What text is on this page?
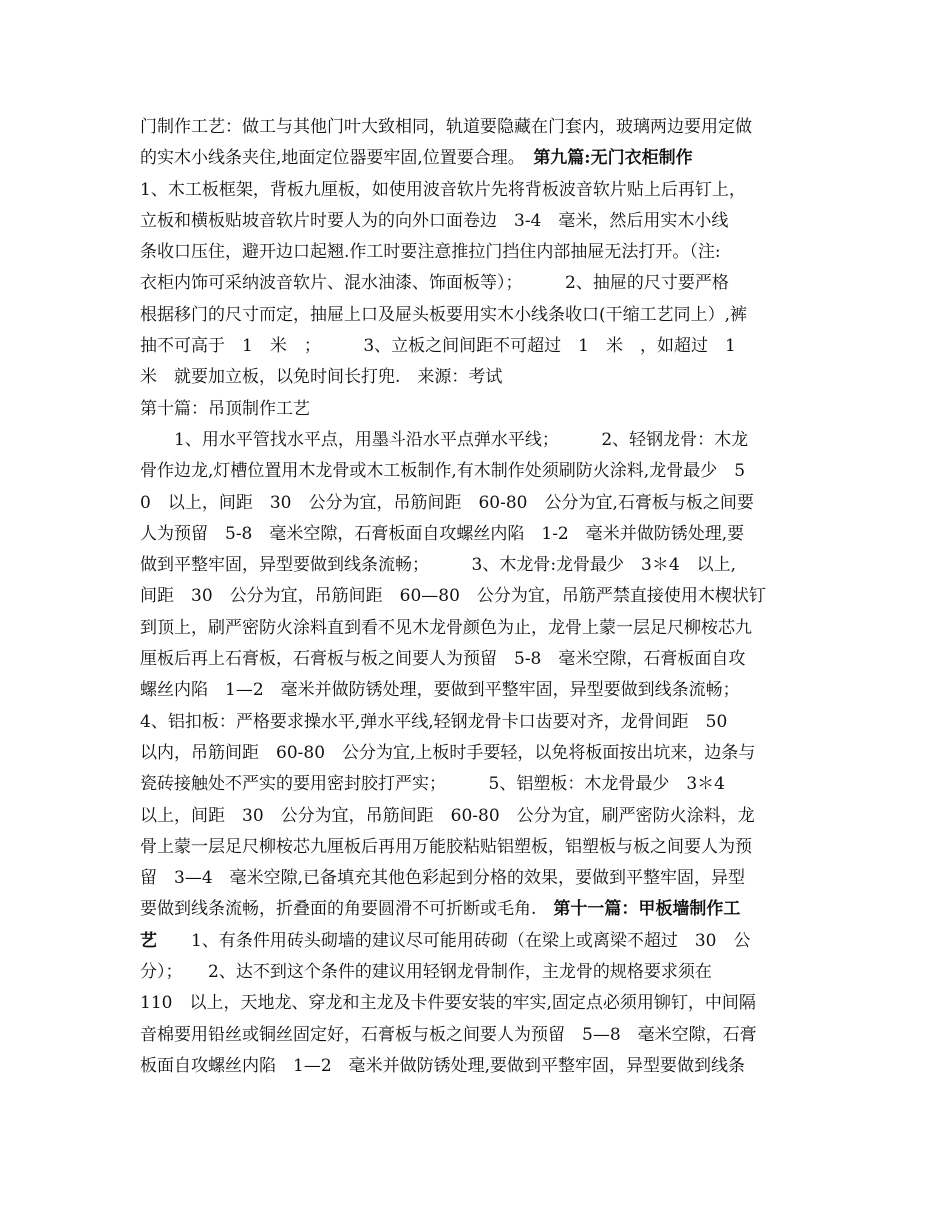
门制作工艺：做工与其他门叶大致相同，轨道要隐藏在门套内，玻璃两边要用定做
的实木小线条夹住,地面定位器要牢固,位置要合理。　第九篇:无门衣柜制作
1、木工板框架，背板九厘板，如使用波音软片先将背板波音软片贴上后再钉上，
立板和横板贴坡音软片时要人为的向外口面卷边　3-4　毫米，然后用实木小线
条收口压住，避开边口起翘.作工时要注意推拉门挡住内部抽屉无法打开。（注:
衣柜内饰可采纳波音软片、混水油漆、饰面板等）；　　　2、抽屉的尺寸要严格
根据移门的尺寸而定，抽屉上口及屉头板要用实木小线条收口(干缩工艺同上）,裤
抽不可高于　1　米　；　　　3、立板之间间距不可超过　1　米　，如超过　1
米　就要加立板，以免时间长打兜.　来源：考试
第十篇：吊顶制作工艺
　　1、用水平管找水平点，用墨斗沿水平点弹水平线；　　　2、轻钢龙骨：木龙
骨作边龙,灯槽位置用木龙骨或木工板制作,有木制作处须刷防火涂料,龙骨最少　5
0　以上，间距　30　公分为宜，吊筋间距　60-80　公分为宜,石膏板与板之间要
人为预留　5-8　毫米空隙，石膏板面自攻螺丝内陷　1-2　毫米并做防锈处理,要
做到平整牢固，异型要做到线条流畅；　　　3、木龙骨:龙骨最少　3＊4　以上,
间距　30　公分为宜，吊筋间距　60—80　公分为宜，吊筋严禁直接使用木楔状钉
到顶上，刷严密防火涂料直到看不见木龙骨颜色为止，龙骨上蒙一层足尺柳桉芯九
厘板后再上石膏板，石膏板与板之间要人为预留　5-8　毫米空隙，石膏板面自攻
螺丝内陷　1—2　毫米并做防锈处理，要做到平整牢固，异型要做到线条流畅；
4、铝扣板：严格要求操水平,弹水平线,轻钢龙骨卡口齿要对齐，龙骨间距　50
以内，吊筋间距　60-80　公分为宜,上板时手要轻，以免将板面按出坑来，边条与
瓷砖接触处不严实的要用密封胶打严实；　　　5、铝塑板：木龙骨最少　3＊4
以上，间距　30　公分为宜，吊筋间距　60-80　公分为宜，刷严密防火涂料，龙
骨上蒙一层足尺柳桉芯九厘板后再用万能胶粘贴铝塑板，铝塑板与板之间要人为预
留　3—4　毫米空隙,已备填充其他色彩起到分格的效果，要做到平整牢固，异型
要做到线条流畅，折叠面的角要圆滑不可折断或毛角.　第十一篇：甲板墙制作工
艺　　1、有条件用砖头砌墙的建议尽可能用砖砌（在梁上或离梁不超过　30　公
分）；　　2、达不到这个条件的建议用轻钢龙骨制作，主龙骨的规格要求须在
110　以上，天地龙、穿龙和主龙及卡件要安装的牢实,固定点必须用铆钉，中间隔
音棉要用铅丝或铜丝固定好，石膏板与板之间要人为预留　5—8　毫米空隙，石膏
板面自攻螺丝内陷　1—2　毫米并做防锈处理,要做到平整牢固，异型要做到线条
